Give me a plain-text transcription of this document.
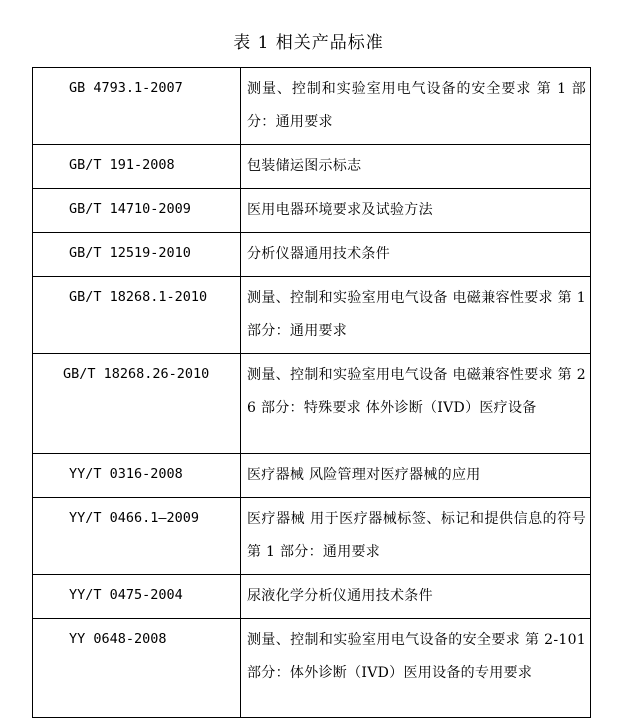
表 1 相关产品标准
GB 4793.1-2007	测量、控制和实验室用电气设备的安全要求 第 1 部分：通用要求
GB/T 191-2008	包装储运图示标志
GB/T 14710-2009	医用电器环境要求及试验方法
GB/T 12519-2010	分析仪器通用技术条件
GB/T 18268.1-2010	测量、控制和实验室用电气设备 电磁兼容性要求 第 1 部分：通用要求
GB/T 18268.26-2010	测量、控制和实验室用电气设备 电磁兼容性要求 第 26 部分：特殊要求 体外诊断（IVD）医疗设备
YY/T 0316-2008	医疗器械 风险管理对医疗器械的应用
YY/T 0466.1—2009	医疗器械 用于医疗器械标签、标记和提供信息的符号 第 1 部分：通用要求
YY/T 0475-2004	尿液化学分析仪通用技术条件
YY 0648-2008	测量、控制和实验室用电气设备的安全要求 第 2-101 部分：体外诊断（IVD）医用设备的专用要求
